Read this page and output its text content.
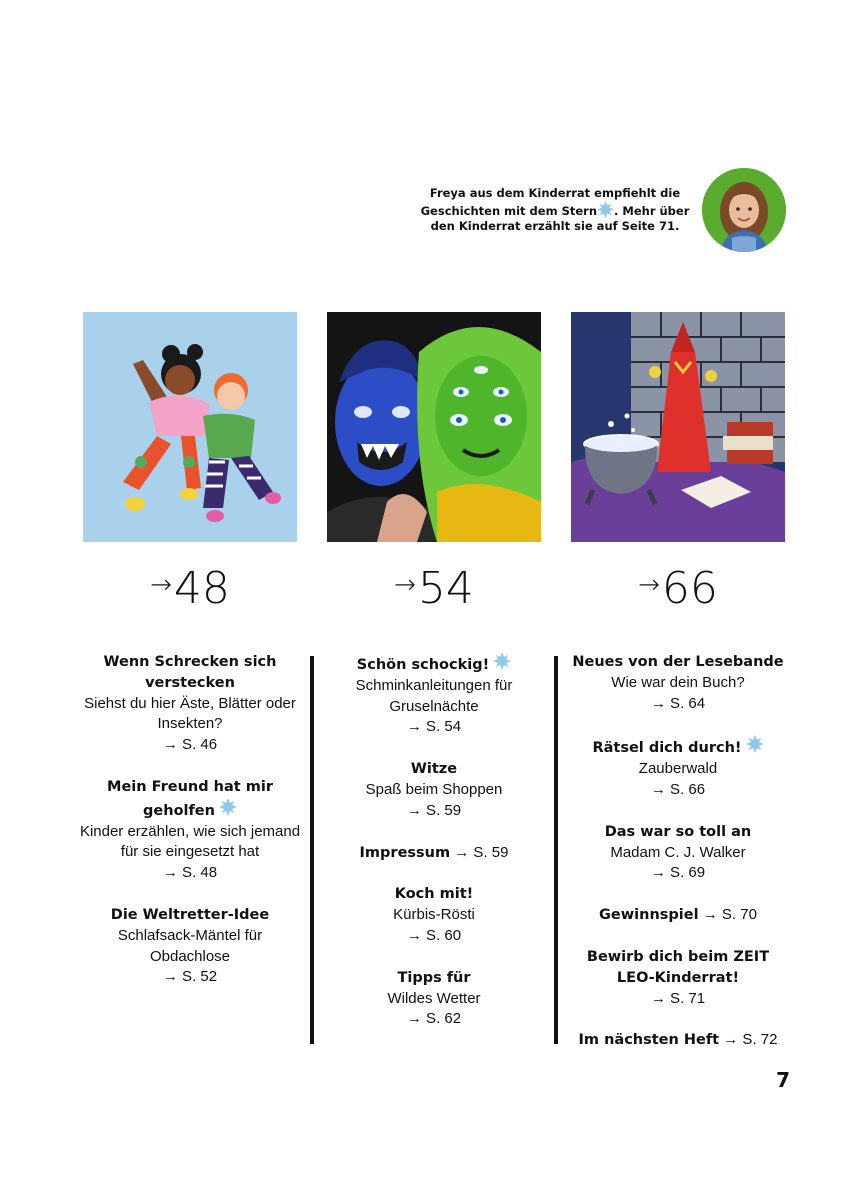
Freya aus dem Kinderrat empfiehlt die
Geschichten mit dem Stern . Mehr über
den Kinderrat erzählt sie auf Seite 71.
→48	→54	→66
Wenn Schrecken sich verstecken
Siehst du hier Äste, Blätter oder Insekten?
→ S. 46
Mein Freund hat mir geholfen
Kinder erzählen, wie sich jemand für sie eingesetzt hat
→ S. 48
Die Weltretter-Idee
Schlafsack-Mäntel für Obdachlose
→ S. 52
Schön schockig!
Schminkanleitungen für Gruselnächte
→ S. 54
Witze
Spaß beim Shoppen
→ S. 59
Impressum → S. 59
Koch mit!
Kürbis-Rösti
→ S. 60
Tipps für
Wildes Wetter
→ S. 62
Neues von der Lesebande
Wie war dein Buch?
→ S. 64
Rätsel dich durch!
Zauberwald
→ S. 66
Das war so toll an
Madam C. J. Walker
→ S. 69
Gewinnspiel → S. 70
Bewirb dich beim ZEIT LEO-Kinderrat!
→ S. 71
Im nächsten Heft → S. 72
7
